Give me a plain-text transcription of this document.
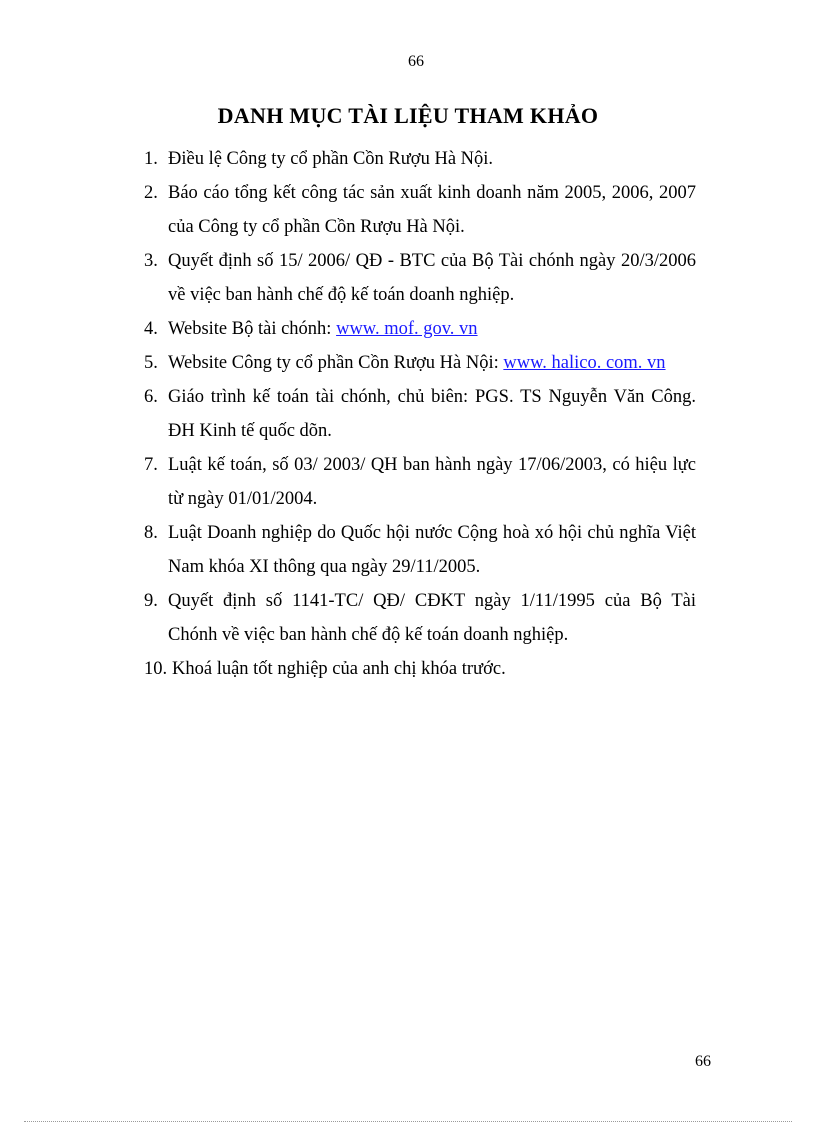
66
DANH MỤC TÀI LIỆU THAM KHẢO
1. Điều lệ Công ty cổ phần Cồn Rượu Hà Nội.
2. Báo cáo tổng kết công tác sản xuất kinh doanh năm 2005, 2006, 2007 của Công ty cổ phần Cồn Rượu Hà Nội.
3. Quyết định số 15/ 2006/ QĐ - BTC của Bộ Tài chónh ngày 20/3/2006 về việc ban hành chế độ kế toán doanh nghiệp.
4. Website Bộ tài chónh: www. mof. gov. vn
5. Website Công ty cổ phần Cồn Rượu Hà Nội: www. halico. com. vn
6. Giáo trình kế toán tài chónh, chủ biên: PGS. TS Nguyễn Văn Công. ĐH Kinh tế quốc dõn.
7. Luật kế toán, số 03/ 2003/ QH ban hành ngày 17/06/2003, có hiệu lực từ ngày 01/01/2004.
8. Luật Doanh nghiệp do Quốc hội nước Cộng hoà xó hội chủ nghĩa Việt Nam khóa XI thông qua ngày 29/11/2005.
9. Quyết định số 1141-TC/ QĐ/ CĐKT ngày 1/11/1995 của Bộ Tài Chónh về việc ban hành chế độ kế toán doanh nghiệp.
10. Khoá luận tốt nghiệp của anh chị khóa trước.
66
